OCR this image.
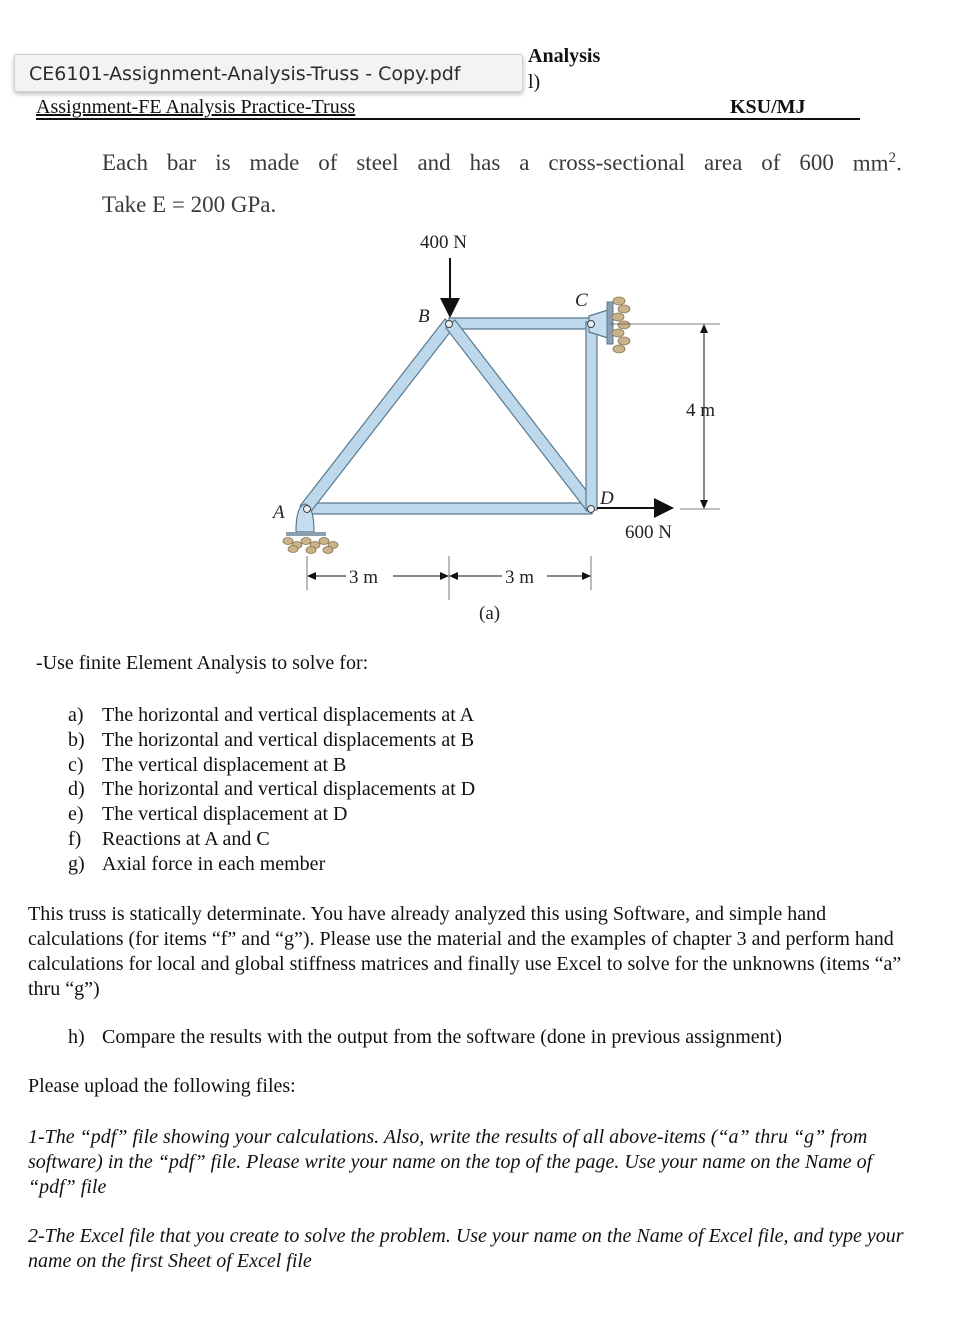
Analysis
l)
CE6101-Assignment-Analysis-Truss - Copy.pdf
Assignment-FE Analysis Practice-Truss	KSU/MJ
Each bar is made of steel and has a cross-sectional area of 600 $mm^2$.
Take E = 200 GPa.
400 N
B
C
A
D
600 N
4 m
3 m	3 m
(a)
-Use finite Element Analysis to solve for:
a) The horizontal and vertical displacements at A
b) The horizontal and vertical displacements at B
c) The vertical displacement at B
d) The horizontal and vertical displacements at D
e) The vertical displacement at D
f)	Reactions at A and C
g) Axial force in each member
This truss is statically determinate. You have already analyzed this using Software, and simple hand calculations (for items “f” and “g”). Please use the material and the examples of chapter 3 and perform hand calculations for local and global stiffness matrices and finally use Excel to solve for the unknowns (items “a” thru “g”)
h) Compare the results with the output from the software (done in previous assignment)
Please upload the following files:
1-The “pdf” file showing your calculations. Also, write the results of all above-items (“a” thru “g” from software) in the “pdf” file. Please write your name on the top of the page. Use your name on the Name of “pdf” file
2-The Excel file that you create to solve the problem. Use your name on the Name of Excel file, and type your name on the first Sheet of Excel file
